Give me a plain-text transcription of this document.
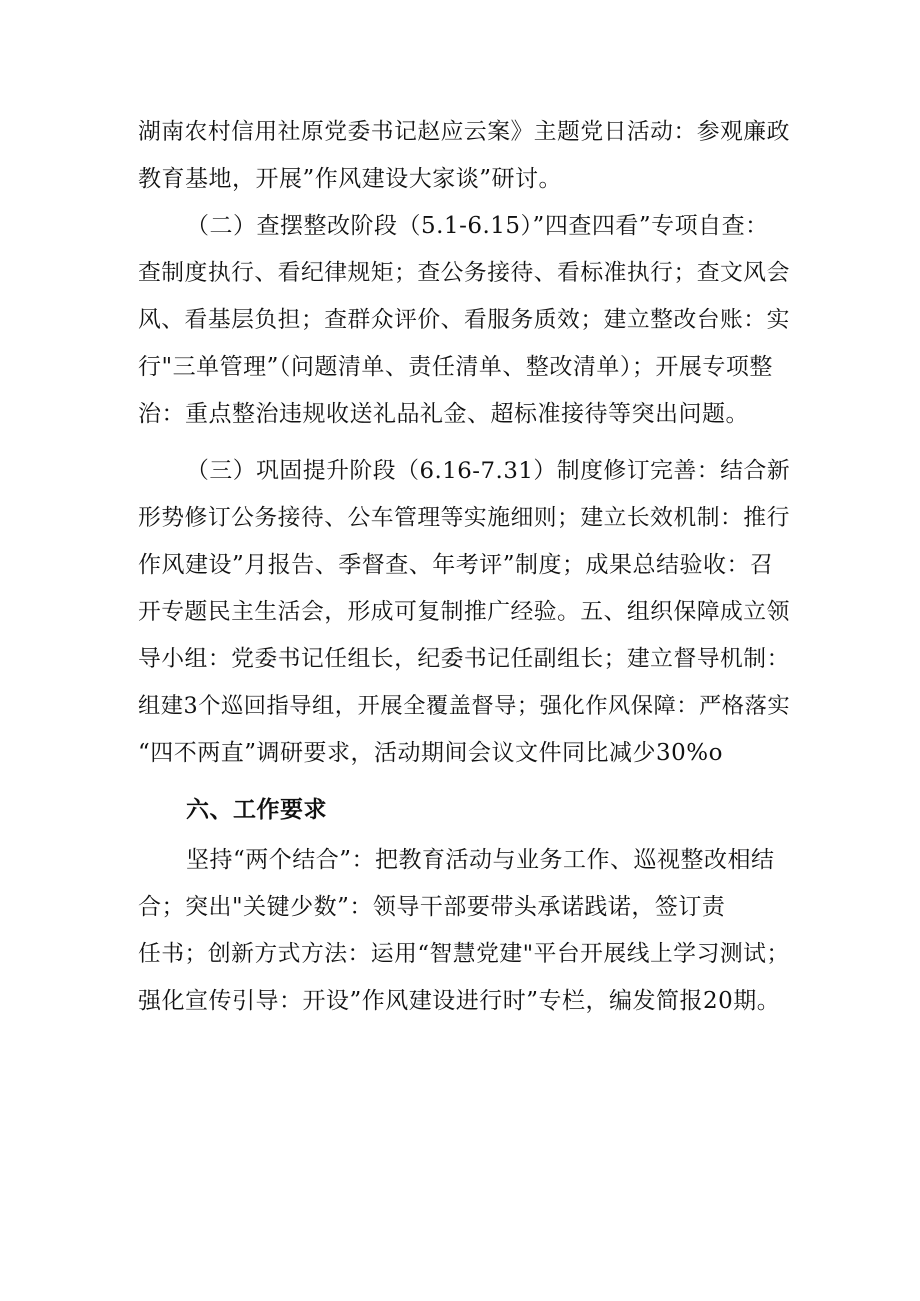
湖南农村信用社原党委书记赵应云案》主题党日活动：参观廉政
教育基地，开展”作风建设大家谈”研讨。
（二）查摆整改阶段（5.1-6.15）”四查四看”专项自查：
查制度执行、看纪律规矩；查公务接待、看标准执行；查文风会
风、看基层负担；查群众评价、看服务质效；建立整改台账：实
行"三单管理”（问题清单、责任清单、整改清单）；开展专项整
治：重点整治违规收送礼品礼金、超标准接待等突出问题。
（三）巩固提升阶段（6.16-7.31）制度修订完善：结合新
形势修订公务接待、公车管理等实施细则；建立长效机制：推行
作风建设”月报告、季督查、年考评”制度；成果总结验收：召
开专题民主生活会，形成可复制推广经验。五、组织保障成立领
导小组：党委书记任组长，纪委书记任副组长；建立督导机制：
组建3个巡回指导组，开展全覆盖督导；强化作风保障：严格落实
“四不两直”调研要求，活动期间会议文件同比减少30%o
六、工作要求
坚持“两个结合”：把教育活动与业务工作、巡视整改相结
合；突出"关键少数”：领导干部要带头承诺践诺，签订责
任书；创新方式方法：运用“智慧党建"平台开展线上学习测试；
强化宣传引导：开设”作风建设进行时”专栏，编发简报20期。
